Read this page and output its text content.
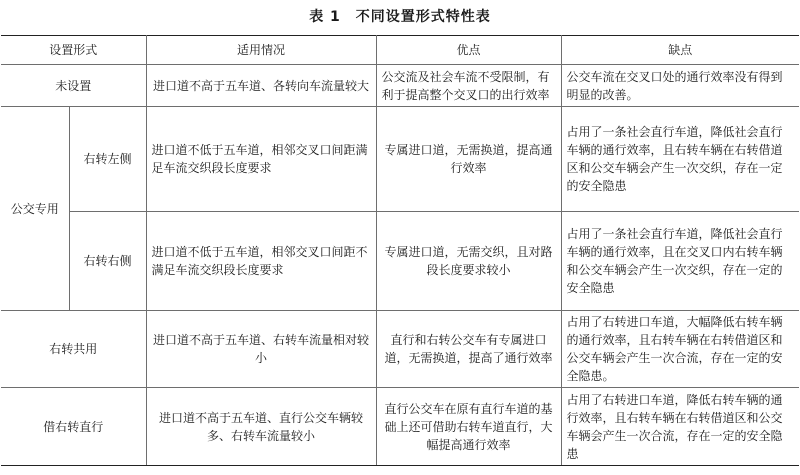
表 1　不同设置形式特性表
设置形式		适用情况	优点	缺点
未设置		进口道不高于五车道、各转向车流量较大	公交流及社会车流不受限制，有利于提高整个交叉口的出行效率	公交车流在交叉口处的通行效率没有得到明显的改善。
公交专用	右转左侧	进口道不低于五车道，相邻交叉口间距满足车流交织段长度要求	专属进口道，无需换道，提高通行效率	占用了一条社会直行车道，降低社会直行车辆的通行效率，且右转车辆在右转借道区和公交车辆会产生一次交织，存在一定的安全隐患
	右转右侧	进口道不低于五车道，相邻交叉口间距不满足车流交织段长度要求	专属进口道，无需交织，且对路段长度要求较小	占用了一条社会直行车道，降低社会直行车辆的通行效率，且在交叉口内右转车辆和公交车辆会产生一次交织，存在一定的安全隐患
右转共用		进口道不高于五车道、右转车流量相对较小	直行和右转公交车有专属进口道，无需换道，提高了通行效率	占用了右转进口车道，大幅降低右转车辆的通行效率，且右转车辆在右转借道区和公交车辆会产生一次合流，存在一定的安全隐患。
借右转直行		进口道不高于五车道、直行公交车辆较多、右转车流量较小	直行公交车在原有直行车道的基础上还可借助右转车道直行，大幅提高通行效率	占用了右转进口车道，降低右转车辆的通行效率，且右转车辆在右转借道区和公交车辆会产生一次合流，存在一定的安全隐患
